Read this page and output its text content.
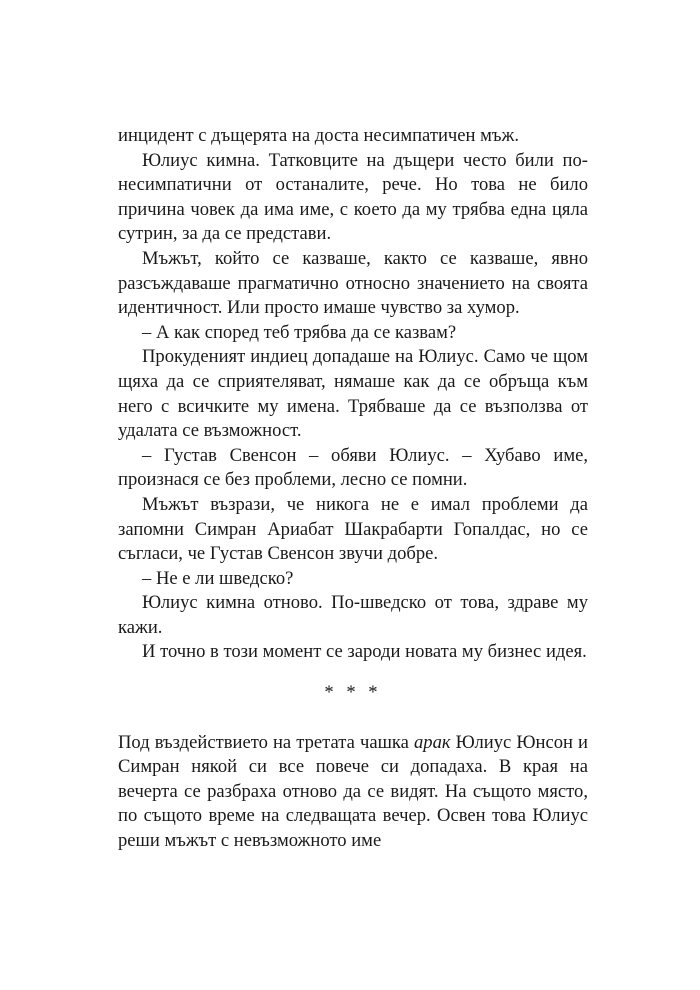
инцидент с дъщерята на доста несимпатичен мъж.

Юлиус кимна. Татковците на дъщери често били по-несимпатични от останалите, рече. Но това не било причина човек да има име, с което да му трябва една цяла сутрин, за да се представи.

Мъжът, който се казваше, както се казваше, явно разсъждаваше прагматично относно значението на своята идентичност. Или просто имаше чувство за хумор.

– А как според теб трябва да се казвам?

Прокуденият индиец допадаше на Юлиус. Само че щом щяха да се сприятеляват, нямаше как да се обръща към него с всичките му имена. Трябваше да се възползва от удалата се възможност.

– Густав Свенсон – обяви Юлиус. – Хубаво име, произнася се без проблеми, лесно се помни.

Мъжът възрази, че никога не е имал проблеми да запомни Симран Ариабат Шакрабарти Гопалдас, но се съгласи, че Густав Свенсон звучи добре.

– Не е ли шведско?

Юлиус кимна отново. По-шведско от това, здраве му кажи.

И точно в този момент се зароди новата му бизнес идея.

* * *

Под въздействието на третата чашка арак Юлиус Юнсон и Симран някой си все повече си допадаха. В края на вечерта се разбраха отново да се видят. На същото място, по същото време на следващата вечер. Освен това Юлиус реши мъжът с невъзможното име
